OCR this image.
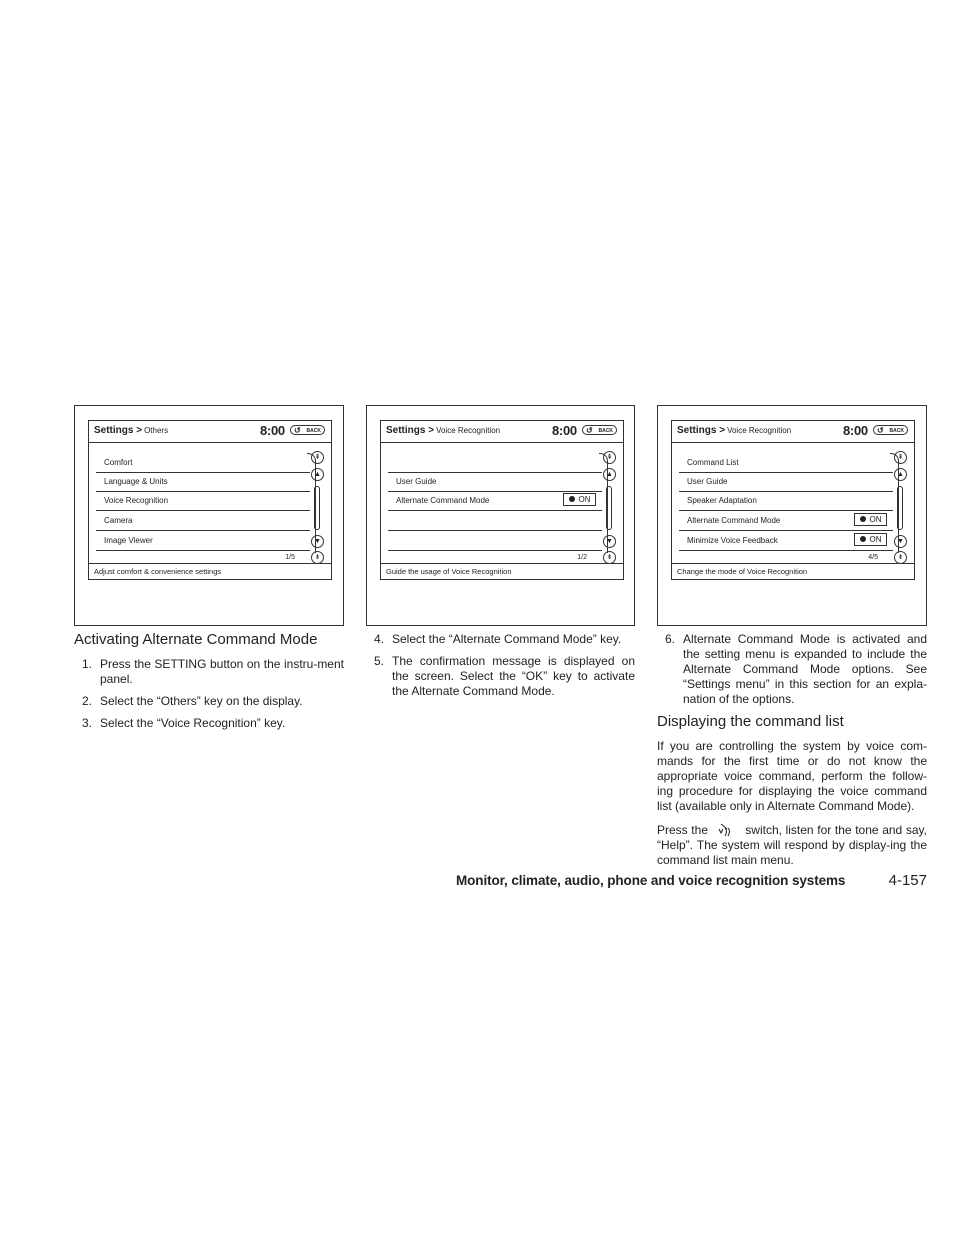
Settings > Others	8:00 ↺ BACK
Comfort
Language & Units
Voice Recognition
Camera
Image Viewer
1/5
Adjust comfort & convenience settings
⇞
▲
▼
⇟
Settings > Voice Recognition	8:00 ↺ BACK
User Guide
Alternate Command Mode	ON
1/2
Guide the usage of Voice Recognition
⇞
▲
▼
⇟
Settings > Voice Recognition	8:00 ↺ BACK
Command List
User Guide
Speaker Adaptation
Alternate Command Mode	ON
Minimize Voice Feedback	ON
4/5
Change the mode of Voice Recognition
⇞
▲
▼
⇟
Activating Alternate Command Mode
1. Press the SETTING button on the instru-ment panel.
2. Select the “Others” key on the display.
3. Select the “Voice Recognition” key.
4. Select the “Alternate Command Mode” key.
5. The confirmation message is displayed on the screen. Select the “OK” key to activate the Alternate Command Mode.
6. Alternate Command Mode is activated and the setting menu is expanded to include the Alternate Command Mode options. See “Settings menu” in this section for an expla-nation of the options.
Displaying the command list

If you are controlling the system by voice com-mands for the first time or do not know the appropriate voice command, perform the follow-ing procedure for displaying the voice command list (available only in Alternate Command Mode).

Press the	switch, listen for the tone and say, “Help”. The system will respond by display-ing the command list main menu.

Monitor, climate, audio, phone and voice recognition systems	4-157
